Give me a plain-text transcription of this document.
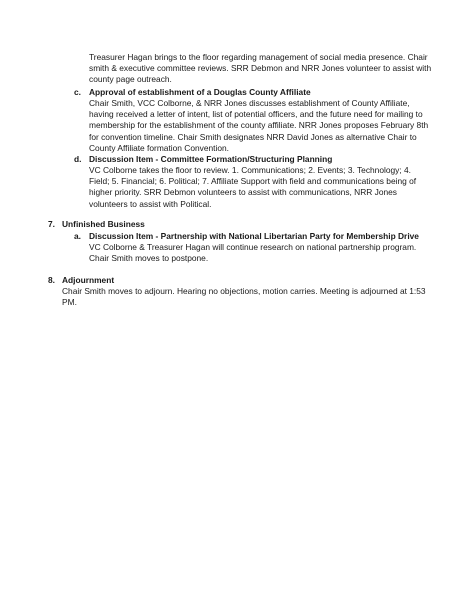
Treasurer Hagan brings to the floor regarding management of social media presence. Chair
smith & executive committee reviews. SRR Debmon and NRR Jones volunteer to assist with
county page outreach.
c. Approval of establishment of a Douglas County Affiliate
Chair Smith, VCC Colborne, & NRR Jones discusses establishment of County Affiliate,
having received a letter of intent, list of potential officers, and the future need for mailing to
membership for the establishment of the county affiliate. NRR Jones proposes February 8th
for convention timeline. Chair Smith designates NRR David Jones as alternative Chair to
County Affiliate formation Convention.
d. Discussion Item - Committee Formation/Structuring Planning
VC Colborne takes the floor to review. 1. Communications; 2. Events; 3. Technology; 4.
Field; 5. Financial; 6. Political; 7. Affiliate Support with field and communications being of
higher priority. SRR Debmon volunteers to assist with communications, NRR Jones
volunteers to assist with Political.
7. Unfinished Business
a. Discussion Item - Partnership with National Libertarian Party for Membership Drive
VC Colborne & Treasurer Hagan will continue research on national partnership program.
Chair Smith moves to postpone.
8. Adjournment
Chair Smith moves to adjourn. Hearing no objections, motion carries. Meeting is adjourned at 1:53
PM.
